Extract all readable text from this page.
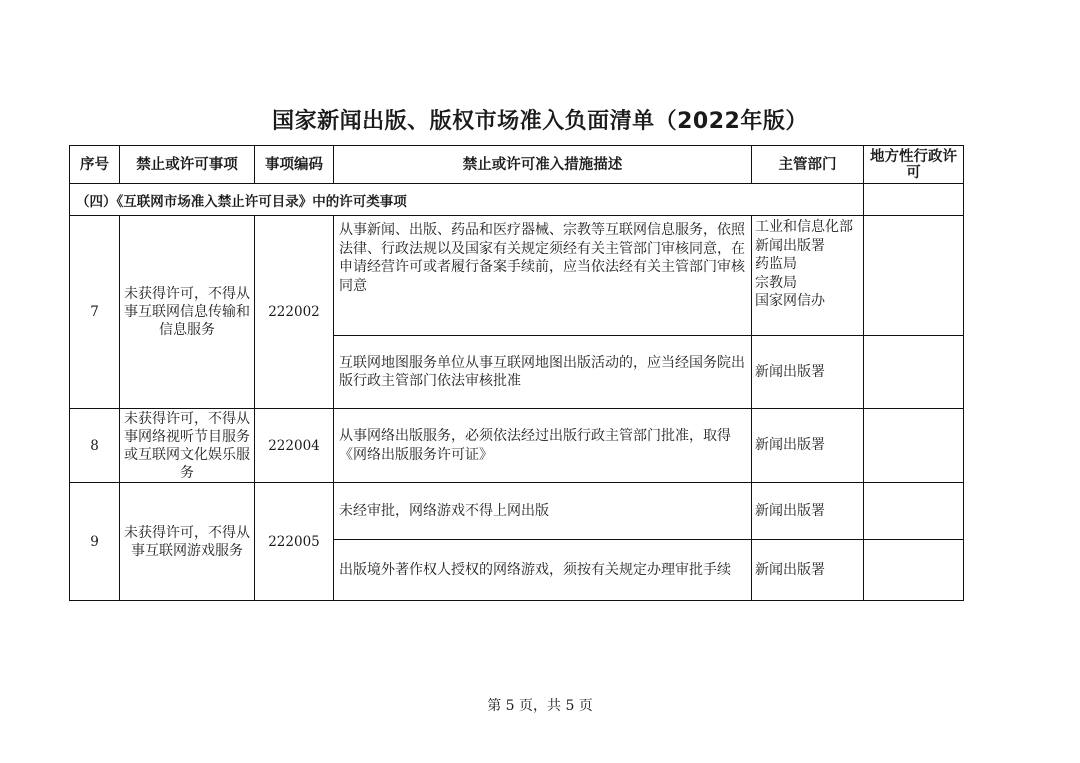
国家新闻出版、版权市场准入负面清单（2022年版）
序号	禁止或许可事项	事项编码	禁止或许可准入措施描述	主管部门	地方性行政许可
（四）《互联网市场准入禁止许可目录》中的许可类事项					
7	未获得许可，不得从事互联网信息传输和信息服务	222002	从事新闻、出版、药品和医疗器械、宗教等互联网信息服务，依照法律、行政法规以及国家有关规定须经有关主管部门审核同意，在申请经营许可或者履行备案手续前，应当依法经有关主管部门审核同意	工业和信息化部
新闻出版署
药监局
宗教局
国家网信办	

			互联网地图服务单位从事互联网地图出版活动的，应当经国务院出版行政主管部门依法审核批准	新闻出版署	

8	未获得许可，不得从事网络视听节目服务或互联网文化娱乐服务	222004	从事网络出版服务，必须依法经过出版行政主管部门批准，取得《网络出版服务许可证》	新闻出版署	

9	未获得许可，不得从事互联网游戏服务	222005	未经审批，网络游戏不得上网出版	新闻出版署	

			出版境外著作权人授权的网络游戏，须按有关规定办理审批手续	新闻出版署	

第 5 页，共 5 页
